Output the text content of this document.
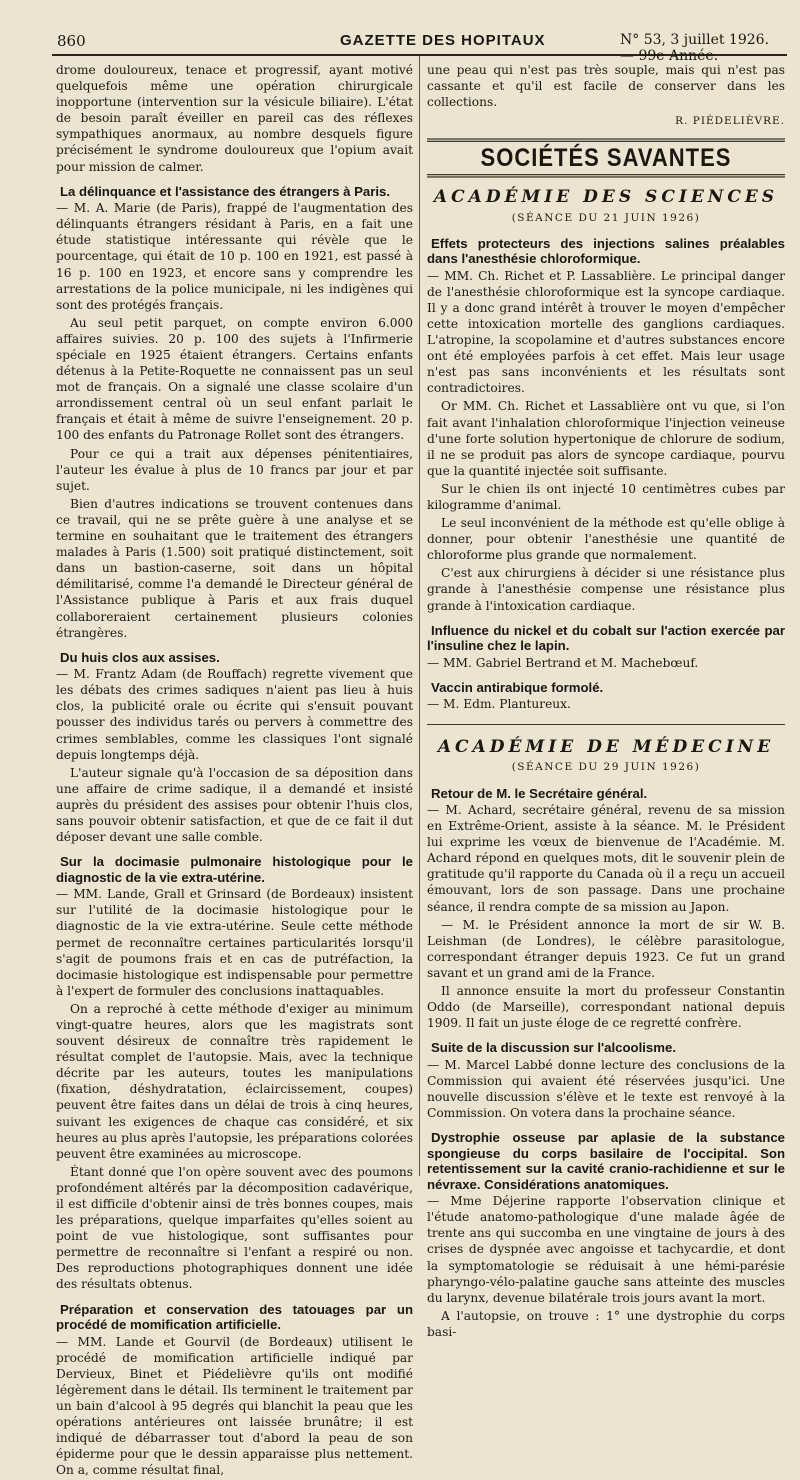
860	GAZETTE DES HOPITAUX	N° 53, 3 juillet 1926. — 99e Année.

drome douloureux, tenace et progressif, ayant motivé quelquefois même une opération chirurgicale inopportune (intervention sur la vésicule biliaire). L'état de besoin paraît éveiller en pareil cas des réflexes sympathiques anormaux, au nombre desquels figure précisément le syndrome douloureux que l'opium avait pour mission de calmer.

La délinquance et l'assistance des étrangers à Paris.

— M. A. Marie (de Paris), frappé de l'augmentation des délinquants étrangers résidant à Paris, en a fait une étude statistique intéressante qui révèle que le pourcentage, qui était de 10 p. 100 en 1921, est passé à 16 p. 100 en 1923, et encore sans y comprendre les arrestations de la police municipale, ni les indigènes qui sont des protégés français.

Au seul petit parquet, on compte environ 6.000 affaires suivies. 20 p. 100 des sujets à l'Infirmerie spéciale en 1925 étaient étrangers. Certains enfants détenus à la Petite-Roquette ne connaissent pas un seul mot de français. On a signalé une classe scolaire d'un arrondissement central où un seul enfant parlait le français et était à même de suivre l'enseignement. 20 p. 100 des enfants du Patronage Rollet sont des étrangers.

Pour ce qui a trait aux dépenses pénitentiaires, l'auteur les évalue à plus de 10 francs par jour et par sujet.

Bien d'autres indications se trouvent contenues dans ce travail, qui ne se prête guère à une analyse et se termine en souhaitant que le traitement des étrangers malades à Paris (1.500) soit pratiqué distinctement, soit dans un bastion-caserne, soit dans un hôpital démilitarisé, comme l'a demandé le Directeur général de l'Assistance publique à Paris et aux frais duquel collaboreraient certainement plusieurs colonies étrangères.

Du huis clos aux assises.

— M. Frantz Adam (de Rouffach) regrette vivement que les débats des crimes sadiques n'aient pas lieu à huis clos, la publicité orale ou écrite qui s'ensuit pouvant pousser des individus tarés ou pervers à commettre des crimes semblables, comme les classiques l'ont signalé depuis longtemps déjà.

L'auteur signale qu'à l'occasion de sa déposition dans une affaire de crime sadique, il a demandé et insisté auprès du président des assises pour obtenir l'huis clos, sans pouvoir obtenir satisfaction, et que de ce fait il dut déposer devant une salle comble.

Sur la docimasie pulmonaire histologique pour le diagnostic de la vie extra-utérine.

— MM. Lande, Grall et Grinsard (de Bordeaux) insistent sur l'utilité de la docimasie histologique pour le diagnostic de la vie extra-utérine. Seule cette méthode permet de reconnaître certaines particularités lorsqu'il s'agit de poumons frais et en cas de putréfaction, la docimasie histologique est indispensable pour permettre à l'expert de formuler des conclusions inattaquables.

On a reproché à cette méthode d'exiger au minimum vingt-quatre heures, alors que les magistrats sont souvent désireux de connaître très rapidement le résultat complet de l'autopsie. Mais, avec la technique décrite par les auteurs, toutes les manipulations (fixation, déshydratation, éclaircissement, coupes) peuvent être faites dans un délai de trois à cinq heures, suivant les exigences de chaque cas considéré, et six heures au plus après l'autopsie, les préparations colorées peuvent être examinées au microscope.

Étant donné que l'on opère souvent avec des poumons profondément altérés par la décomposition cadavérique, il est difficile d'obtenir ainsi de très bonnes coupes, mais les préparations, quelque imparfaites qu'elles soient au point de vue histologique, sont suffisantes pour permettre de reconnaître si l'enfant a respiré ou non. Des reproductions photographiques donnent une idée des résultats obtenus.

Préparation et conservation des tatouages par un procédé de momification artificielle.

— MM. Lande et Gourvil (de Bordeaux) utilisent le procédé de momification artificielle indiqué par Dervieux, Binet et Piédelièvre qu'ils ont modifié légèrement dans le détail. Ils terminent le traitement par un bain d'alcool à 95 degrés qui blanchit la peau que les opérations antérieures ont laissée brunâtre; il est indiqué de débarrasser tout d'abord la peau de son épiderme pour que le dessin apparaisse plus nettement. On a, comme résultat final,

une peau qui n'est pas très souple, mais qui n'est pas cassante et qu'il est facile de conserver dans les collections.

R. PIÉDELIÈVRE.
SOCIÉTÉS SAVANTES
ACADÉMIE DES SCIENCES
(SÉANCE DU 21 JUIN 1926)
Effets protecteurs des injections salines préalables dans l'anesthésie chloroformique.

— MM. Ch. Richet et P. Lassablière. Le principal danger de l'anesthésie chloroformique est la syncope cardiaque. Il y a donc grand intérêt à trouver le moyen d'empêcher cette intoxication mortelle des ganglions cardiaques. L'atropine, la scopolamine et d'autres substances encore ont été employées parfois à cet effet. Mais leur usage n'est pas sans inconvénients et les résultats sont contradictoires.

Or MM. Ch. Richet et Lassablière ont vu que, si l'on fait avant l'inhalation chloroformique l'injection veineuse d'une forte solution hypertonique de chlorure de sodium, il ne se produit pas alors de syncope cardiaque, pourvu que la quantité injectée soit suffisante.

Sur le chien ils ont injecté 10 centimètres cubes par kilogramme d'animal.

Le seul inconvénient de la méthode est qu'elle oblige à donner, pour obtenir l'anesthésie une quantité de chloroforme plus grande que normalement.

C'est aux chirurgiens à décider si une résistance plus grande à l'anesthésie compense une résistance plus grande à l'intoxication cardiaque.

Influence du nickel et du cobalt sur l'action exercée par l'insuline chez le lapin.

— MM. Gabriel Bertrand et M. Machebœuf.

Vaccin antirabique formolé.

— M. Edm. Plantureux.

ACADÉMIE DE MÉDECINE
(SÉANCE DU 29 JUIN 1926)
Retour de M. le Secrétaire général.

— M. Achard, secrétaire général, revenu de sa mission en Extrême-Orient, assiste à la séance. M. le Président lui exprime les vœux de bienvenue de l'Académie. M. Achard répond en quelques mots, dit le souvenir plein de gratitude qu'il rapporte du Canada où il a reçu un accueil émouvant, lors de son passage. Dans une prochaine séance, il rendra compte de sa mission au Japon.

— M. le Président annonce la mort de sir W. B. Leishman (de Londres), le célèbre parasitologue, correspondant étranger depuis 1923. Ce fut un grand savant et un grand ami de la France.

Il annonce ensuite la mort du professeur Constantin Oddo (de Marseille), correspondant national depuis 1909. Il fait un juste éloge de ce regretté confrère.

Suite de la discussion sur l'alcoolisme.

— M. Marcel Labbé donne lecture des conclusions de la Commission qui avaient été réservées jusqu'ici. Une nouvelle discussion s'élève et le texte est renvoyé à la Commission. On votera dans la prochaine séance.

Dystrophie osseuse par aplasie de la substance spongieuse du corps basilaire de l'occipital. Son retentissement sur la cavité cranio-rachidienne et sur le névraxe. Considérations anatomiques.

— Mme Déjerine rapporte l'observation clinique et l'étude anatomo-pathologique d'une malade âgée de trente ans qui succomba en une vingtaine de jours à des crises de dyspnée avec angoisse et tachycardie, et dont la symptomatologie se réduisait à une hémi-parésie pharyngo-vélo-palatine gauche sans atteinte des muscles du larynx, devenue bilatérale trois jours avant la mort.

A l'autopsie, on trouve : 1° une dystrophie du corps basi-
